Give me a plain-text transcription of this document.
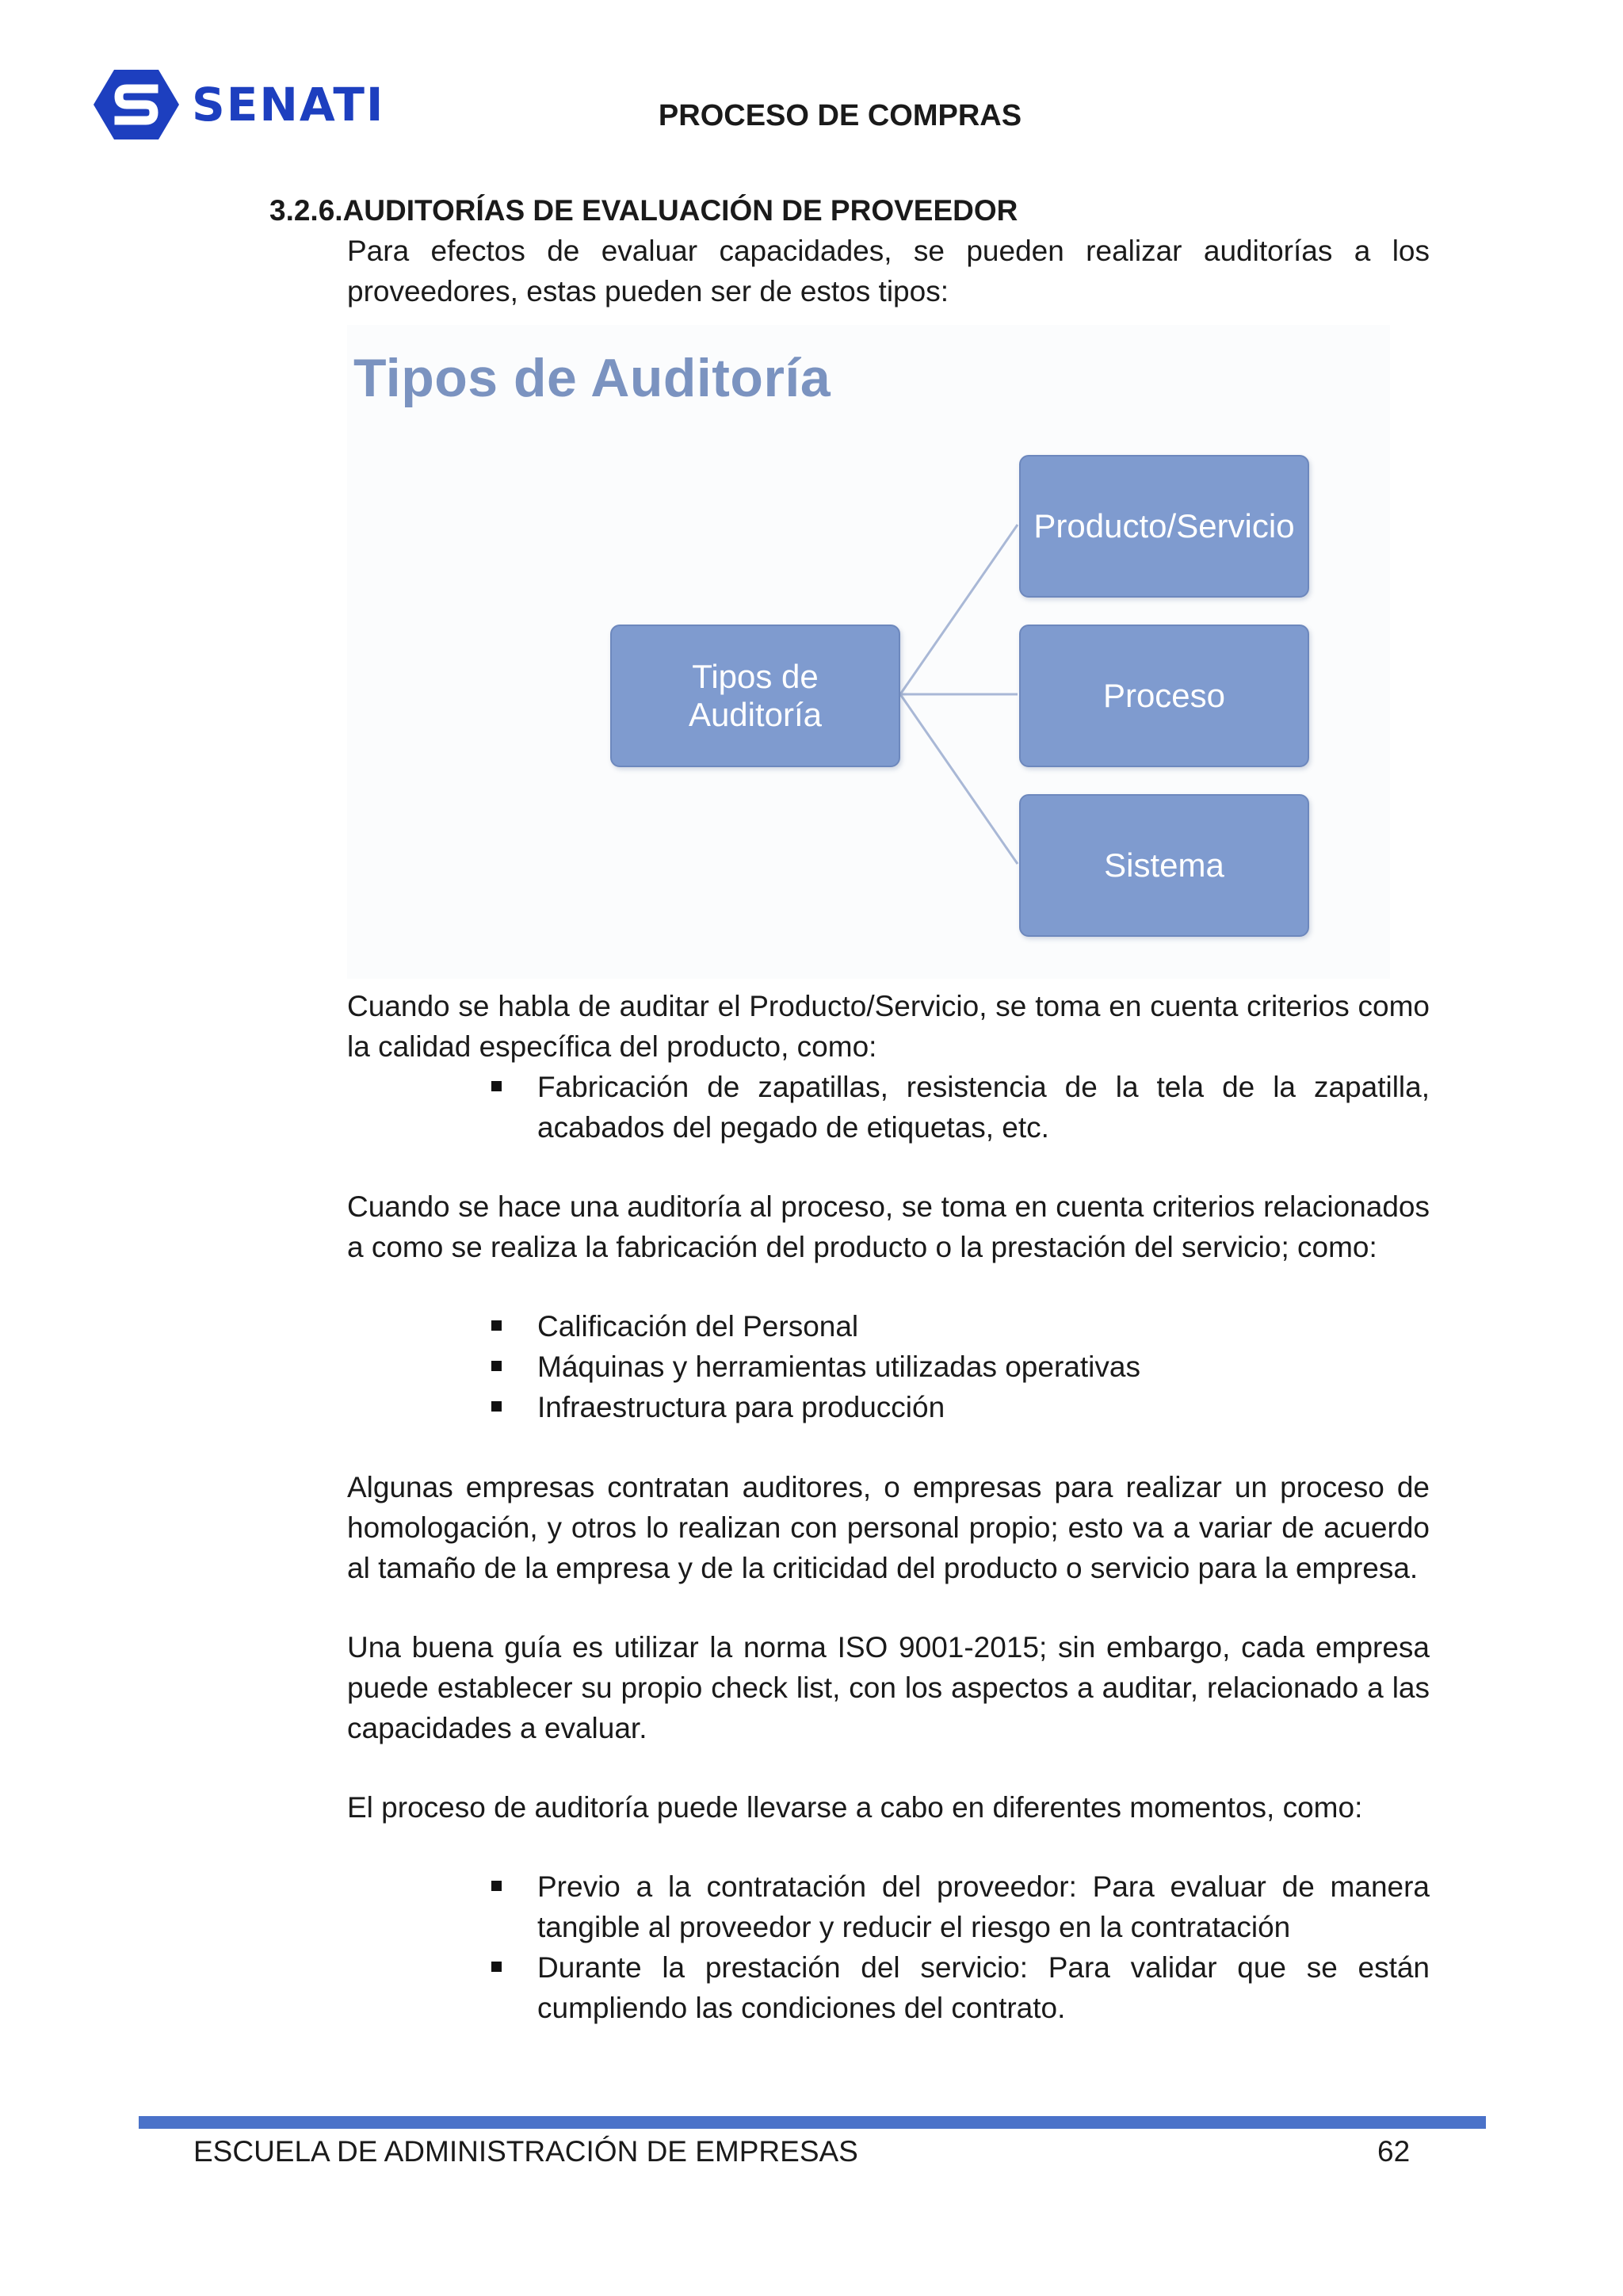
SENATI	PROCESO DE COMPRAS
3.2.6.AUDITORÍAS DE EVALUACIÓN DE PROVEEDOR
Para efectos de evaluar capacidades, se pueden realizar auditorías a los proveedores, estas pueden ser de estos tipos:
Tipos de Auditoría
Tipos de Auditoría
Producto/Servicio
Proceso
Sistema
Cuando se habla de auditar el Producto/Servicio, se toma en cuenta criterios como la calidad específica del producto, como:
Fabricación de zapatillas, resistencia de la tela de la zapatilla, acabados del pegado de etiquetas, etc.
Cuando se hace una auditoría al proceso, se toma en cuenta criterios relacionados a como se realiza la fabricación del producto o la prestación del servicio; como:
Calificación del Personal
Máquinas y herramientas utilizadas operativas
Infraestructura para producción
Algunas empresas contratan auditores, o empresas para realizar un proceso de homologación, y otros lo realizan con personal propio; esto va a variar de acuerdo al tamaño de la empresa y de la criticidad del producto o servicio para la empresa.
Una buena guía es utilizar la norma ISO 9001-2015; sin embargo, cada empresa puede establecer su propio check list, con los aspectos a auditar, relacionado a las capacidades a evaluar.
El proceso de auditoría puede llevarse a cabo en diferentes momentos, como:
Previo a la contratación del proveedor: Para evaluar de manera tangible al proveedor y reducir el riesgo en la contratación
Durante la prestación del servicio: Para validar que se están cumpliendo las condiciones del contrato.
ESCUELA DE ADMINISTRACIÓN DE EMPRESAS	62
